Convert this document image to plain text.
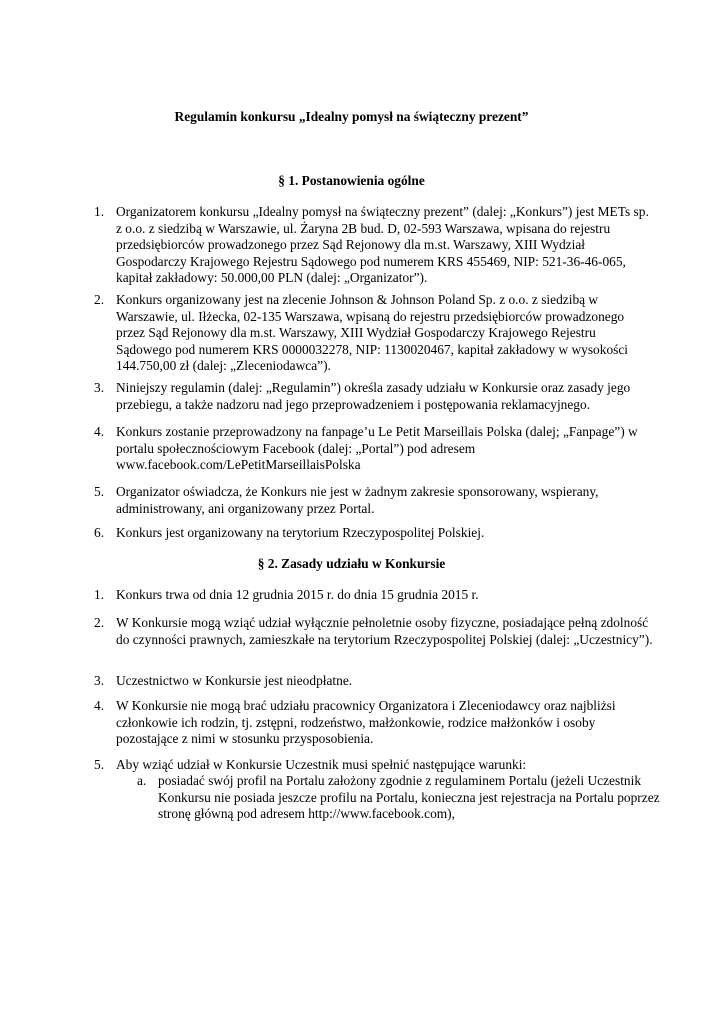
Regulamin konkursu „Idealny pomysł na świąteczny prezent”
§ 1. Postanowienia ogólne
1. Organizatorem konkursu „Idealny pomysł na świąteczny prezent” (dalej: „Konkurs”) jest METs sp. z o.o. z siedzibą w Warszawie, ul. Żaryna 2B bud. D, 02-593 Warszawa, wpisana do rejestru przedsiębiorców prowadzonego przez Sąd Rejonowy dla m.st. Warszawy, XIII Wydział Gospodarczy Krajowego Rejestru Sądowego pod numerem KRS 455469, NIP: 521-36-46-065, kapitał zakładowy: 50.000,00 PLN (dalej: „Organizator”).
2. Konkurs organizowany jest na zlecenie Johnson & Johnson Poland Sp. z o.o. z siedzibą w Warszawie, ul. Iłżecka, 02-135 Warszawa, wpisaną do rejestru przedsiębiorców prowadzonego przez Sąd Rejonowy dla m.st. Warszawy, XIII Wydział Gospodarczy Krajowego Rejestru Sądowego pod numerem KRS 0000032278, NIP: 1130020467, kapitał zakładowy w wysokości 144.750,00 zł (dalej: „Zleceniodawca”).
3. Niniejszy regulamin (dalej: „Regulamin”) określa zasady udziału w Konkursie oraz zasady jego przebiegu, a także nadzoru nad jego przeprowadzeniem i postępowania reklamacyjnego.
4. Konkurs zostanie przeprowadzony na fanpage’u Le Petit Marseillais Polska (dalej; „Fanpage”) w portalu społecznościowym Facebook (dalej: „Portal”) pod adresem www.facebook.com/LePetitMarseillaisPolska
5. Organizator oświadcza, że Konkurs nie jest w żadnym zakresie sponsorowany, wspierany, administrowany, ani organizowany przez Portal.
6. Konkurs jest organizowany na terytorium Rzeczypospolitej Polskiej.
§ 2. Zasady udziału w Konkursie
1. Konkurs trwa od dnia 12 grudnia 2015 r. do dnia 15 grudnia 2015 r.
2. W Konkursie mogą wziąć udział wyłącznie pełnoletnie osoby fizyczne, posiadające pełną zdolność do czynności prawnych, zamieszkałe na terytorium Rzeczypospolitej Polskiej (dalej: „Uczestnicy”).
3. Uczestnictwo w Konkursie jest nieodpłatne.
4. W Konkursie nie mogą brać udziału pracownicy Organizatora i Zleceniodawcy oraz najbliżsi członkowie ich rodzin, tj. zstępni, rodzeństwo, małżonkowie, rodzice małżonków i osoby pozostające z nimi w stosunku przysposobienia.
5. Aby wziąć udział w Konkursie Uczestnik musi spełnić następujące warunki:
a. posiadać swój profil na Portalu założony zgodnie z regulaminem Portalu (jeżeli Uczestnik Konkursu nie posiada jeszcze profilu na Portalu, konieczna jest rejestracja na Portalu poprzez stronę główną pod adresem http://www.facebook.com),
